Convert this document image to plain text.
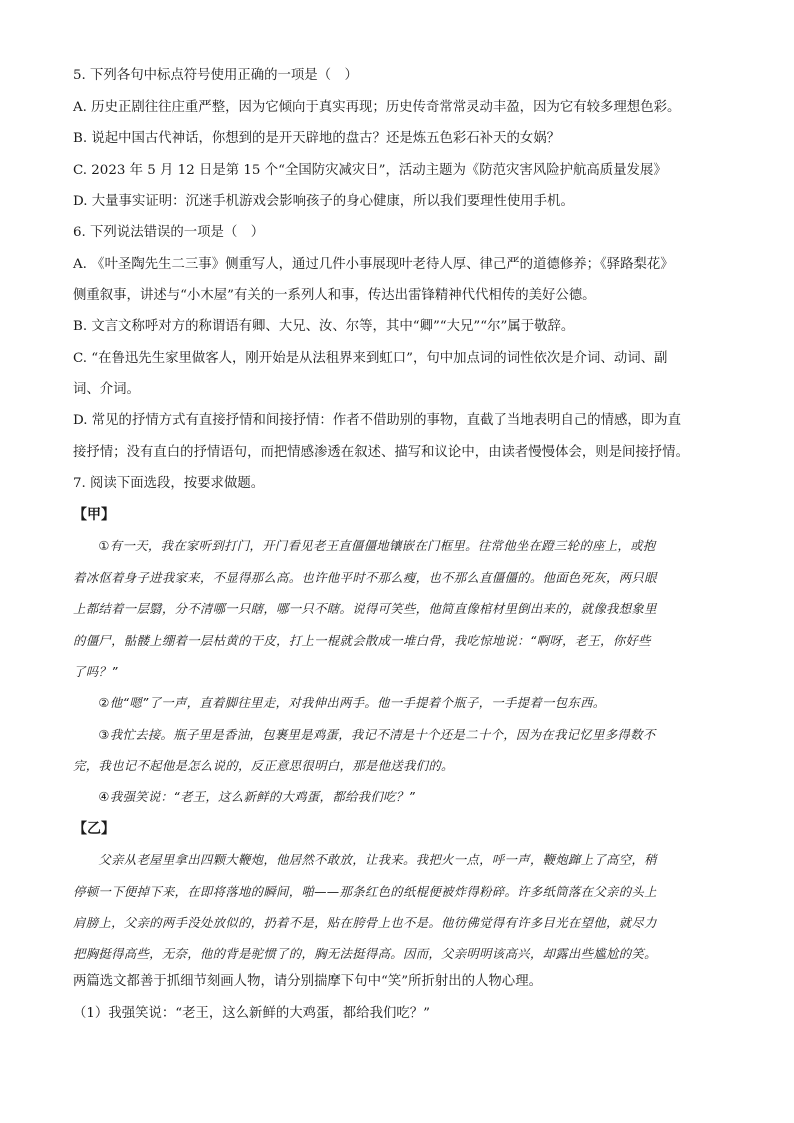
5. 下列各句中标点符号使用正确的一项是（　）
A. 历史正剧往往庄重严整，因为它倾向于真实再现；历史传奇常常灵动丰盈，因为它有较多理想色彩。
B. 说起中国古代神话，你想到的是开天辟地的盘古？还是炼五色彩石补天的女娲？
C. 2023 年 5 月 12 日是第 15 个“全国防灾减灾日”，活动主题为《防范灾害风险护航高质量发展》
D. 大量事实证明：沉迷手机游戏会影响孩子的身心健康，所以我们要理性使用手机。
6. 下列说法错误的一项是（　）
A. 《叶圣陶先生二三事》侧重写人，通过几件小事展现叶老待人厚、律己严的道德修养；《驿路梨花》
侧重叙事，讲述与“小木屋”有关的一系列人和事，传达出雷锋精神代代相传的美好公德。
B. 文言文称呼对方的称谓语有卿、大兄、汝、尔等，其中“卿”“大兄”“尔”属于敬辞。
C. “在鲁迅先生家里做客人，刚开始是从法租界来到虹口”，句中加点词的词性依次是介词、动词、副
词、介词。
D. 常见的抒情方式有直接抒情和间接抒情：作者不借助别的事物，直截了当地表明自己的情感，即为直
接抒情；没有直白的抒情语句，而把情感渗透在叙述、描写和议论中，由读者慢慢体会，则是间接抒情。
7. 阅读下面选段，按要求做题。
【甲】
　　①有一天，我在家听到打门，开门看见老王直僵僵地镶嵌在门框里。往常他坐在蹬三轮的座上，或抱
着冰伛着身子进我家来，不显得那么高。也许他平时不那么瘦，也不那么直僵僵的。他面色死灰，两只眼
上都结着一层翳，分不清哪一只瞎，哪一只不瞎。说得可笑些，他简直像棺材里倒出来的，就像我想象里
的僵尸，骷髅上绷着一层枯黄的干皮，打上一棍就会散成一堆白骨，我吃惊地说：“啊呀，老王，你好些
了吗？”
　　②他“嗯”了一声，直着脚往里走，对我伸出两手。他一手提着个瓶子，一手提着一包东西。
　　③我忙去接。瓶子里是香油，包裹里是鸡蛋，我记不清是十个还是二十个，因为在我记忆里多得数不
完，我也记不起他是怎么说的，反正意思很明白，那是他送我们的。
　　④我强笑说：“老王，这么新鲜的大鸡蛋，都给我们吃？”
【乙】
　　父亲从老屋里拿出四颗大鞭炮，他居然不敢放，让我来。我把火一点，呼一声，鞭炮蹿上了高空，稍
停顿一下便掉下来，在即将落地的瞬间，啪——那条红色的纸棍便被炸得粉碎。许多纸筒落在父亲的头上
肩膀上，父亲的两手没处放似的，扔着不是，贴在胯骨上也不是。他彷佛觉得有许多目光在望他，就尽力
把胸挺得高些，无奈，他的背是驼惯了的，胸无法挺得高。因而，父亲明明该高兴，却露出些尴尬的笑。
两篇选文都善于抓细节刻画人物，请分别揣摩下句中“笑”所折射出的人物心理。
（1）我强笑说：“老王，这么新鲜的大鸡蛋，都给我们吃？”
